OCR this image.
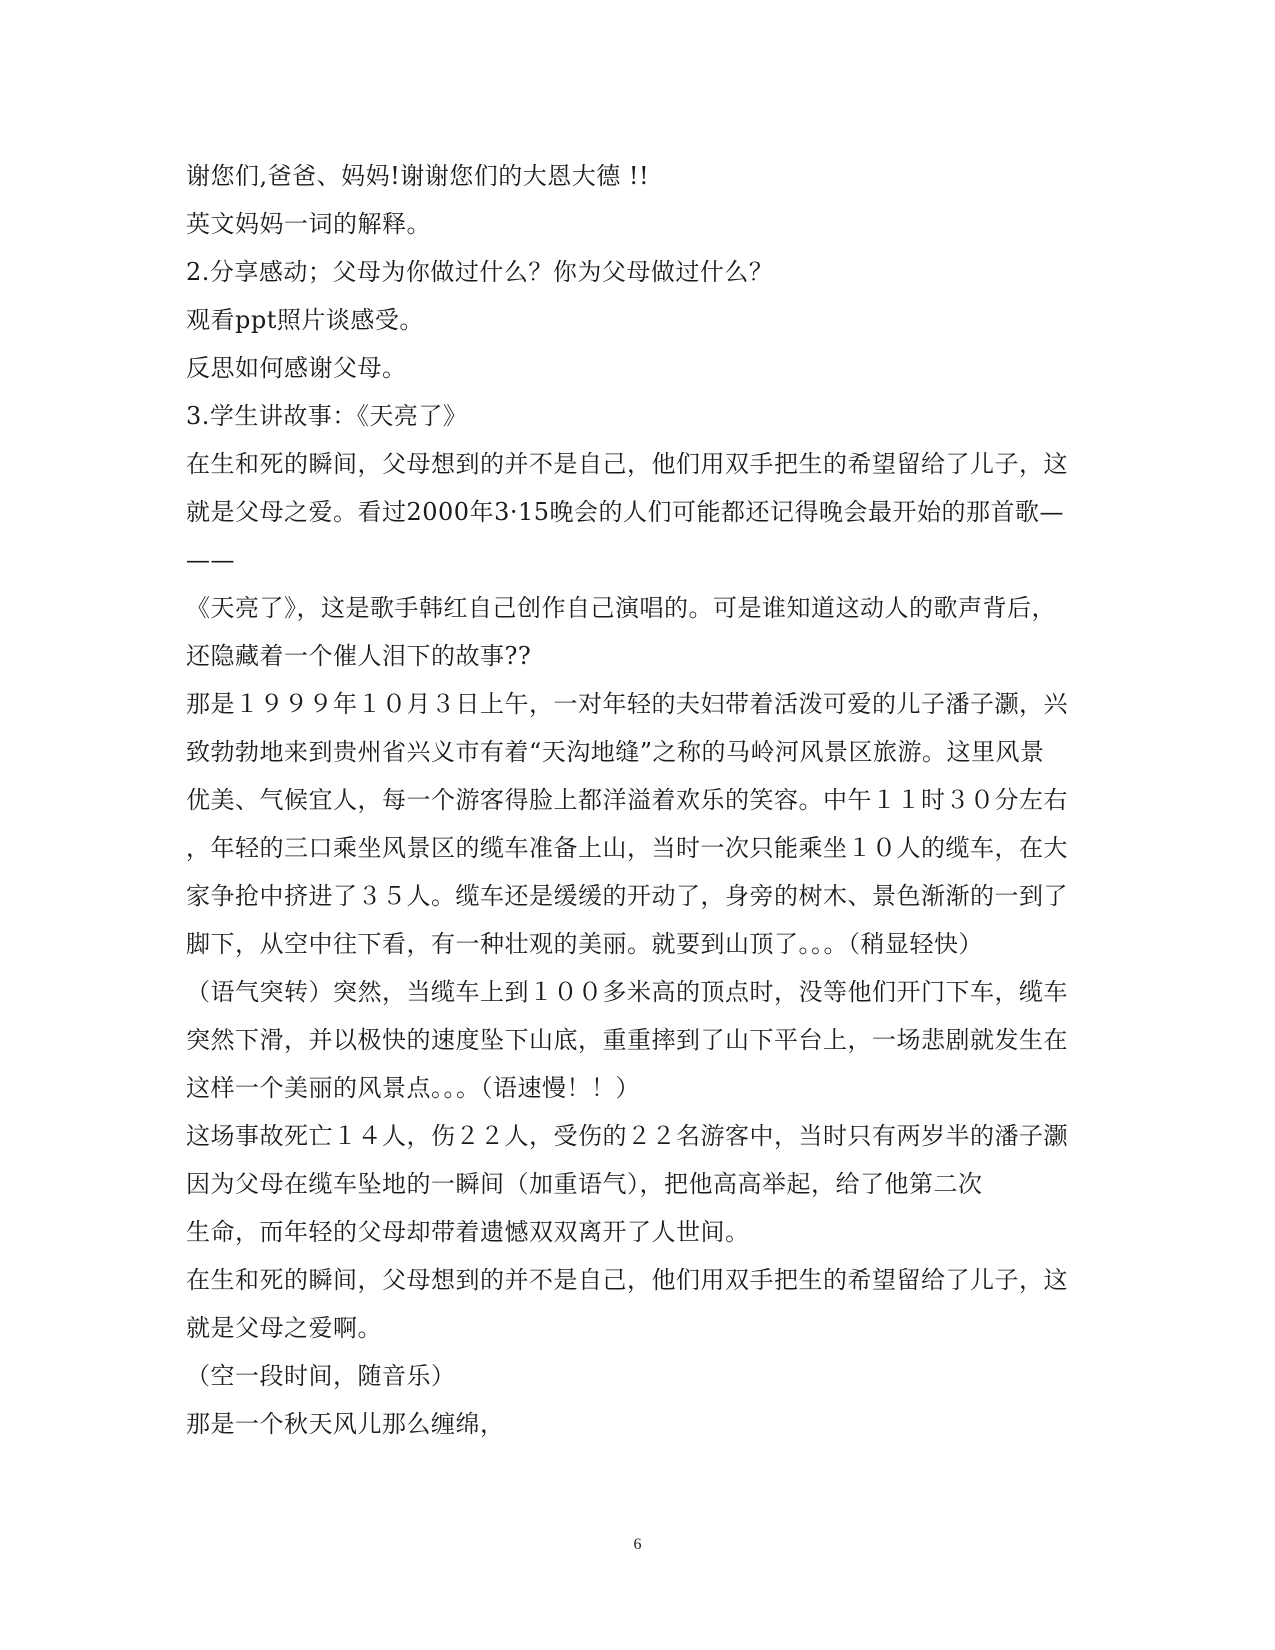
谢您们,爸爸、妈妈!谢谢您们的大恩大德 !!
英文妈妈一词的解释。
2.分享感动；父母为你做过什么？你为父母做过什么？
观看ppt照片谈感受。
反思如何感谢父母。
3.学生讲故事：《天亮了》
在生和死的瞬间，父母想到的并不是自己，他们用双手把生的希望留给了儿子，这
就是父母之爱。看过2000年3·15晚会的人们可能都还记得晚会最开始的那首歌—
——
《天亮了》，这是歌手韩红自己创作自己演唱的。可是谁知道这动人的歌声背后，
还隐藏着一个催人泪下的故事??
那是１９９９年１０月３日上午，一对年轻的夫妇带着活泼可爱的儿子潘子灏，兴
致勃勃地来到贵州省兴义市有着“天沟地缝”之称的马岭河风景区旅游。这里风景
优美、气候宜人，每一个游客得脸上都洋溢着欢乐的笑容。中午１１时３０分左右
，年轻的三口乘坐风景区的缆车准备上山，当时一次只能乘坐１０人的缆车，在大
家争抢中挤进了３５人。缆车还是缓缓的开动了，身旁的树木、景色渐渐的一到了
脚下，从空中往下看，有一种壮观的美丽。就要到山顶了。。。（稍显轻快）
（语气突转）突然，当缆车上到１００多米高的顶点时，没等他们开门下车，缆车
突然下滑，并以极快的速度坠下山底，重重摔到了山下平台上，一场悲剧就发生在
这样一个美丽的风景点。。。（语速慢！！）
这场事故死亡１４人，伤２２人，受伤的２２名游客中，当时只有两岁半的潘子灏
因为父母在缆车坠地的一瞬间（加重语气），把他高高举起，给了他第二次
生命，而年轻的父母却带着遗憾双双离开了人世间。
在生和死的瞬间，父母想到的并不是自己，他们用双手把生的希望留给了儿子，这
就是父母之爱啊。
（空一段时间，随音乐）
那是一个秋天风儿那么缠绵，
6
